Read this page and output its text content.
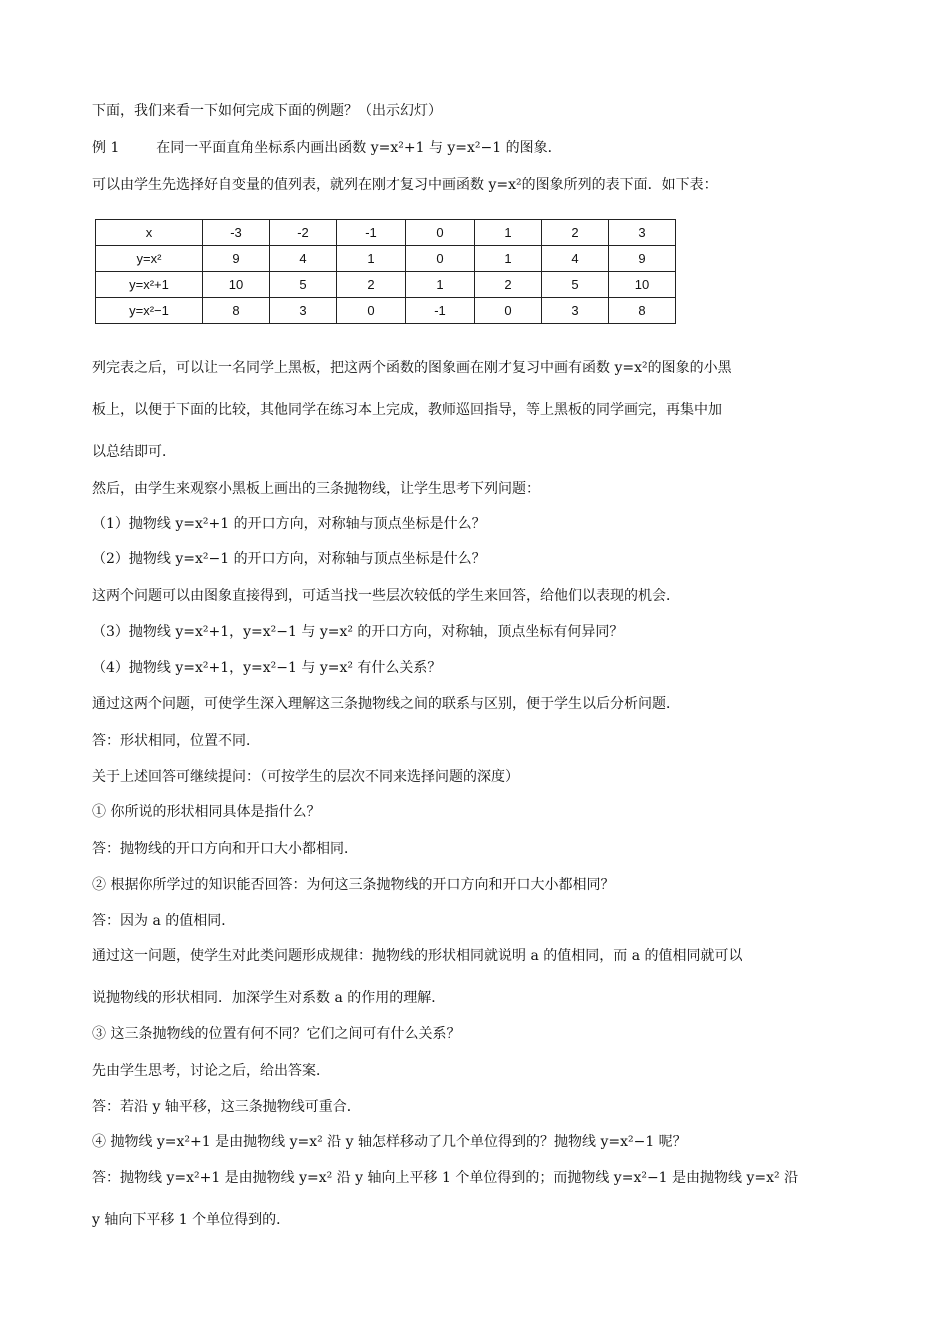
下面，我们来看一下如何完成下面的例题？（出示幻灯）
例 1	在同一平面直角坐标系内画出函数 y=x²+1 与 y=x²−1 的图象．
可以由学生先选择好自变量的值列表，就列在刚才复习中画函数 y=x²的图象所列的表下面．如下表：
x	-3	-2	-1	0	1	2	3
y=x²	9	4	1	0	1	4	9
y=x²+1	10	5	2	1	2	5	10
y=x²−1	8	3	0	-1	0	3	8
列完表之后，可以让一名同学上黑板，把这两个函数的图象画在刚才复习中画有函数 y=x²的图象的小黑
板上，以便于下面的比较，其他同学在练习本上完成，教师巡回指导，等上黑板的同学画完，再集中加
以总结即可．
然后，由学生来观察小黑板上画出的三条抛物线，让学生思考下列问题：
（1）抛物线 y=x²+1 的开口方向，对称轴与顶点坐标是什么？
（2）抛物线 y=x²−1 的开口方向，对称轴与顶点坐标是什么？
这两个问题可以由图象直接得到，可适当找一些层次较低的学生来回答，给他们以表现的机会．
（3）抛物线 y=x²+1，y=x²−1 与 y=x² 的开口方向，对称轴，顶点坐标有何异同？
（4）抛物线 y=x²+1，y=x²−1 与 y=x² 有什么关系？
通过这两个问题，可使学生深入理解这三条抛物线之间的联系与区别，便于学生以后分析问题．
答：形状相同，位置不同．
关于上述回答可继续提问：（可按学生的层次不同来选择问题的深度）
① 你所说的形状相同具体是指什么？
答：抛物线的开口方向和开口大小都相同．
② 根据你所学过的知识能否回答：为何这三条抛物线的开口方向和开口大小都相同？
答：因为 a 的值相同．
通过这一问题，使学生对此类问题形成规律：抛物线的形状相同就说明 a 的值相同，而 a 的值相同就可以
说抛物线的形状相同．加深学生对系数 a 的作用的理解．
③ 这三条抛物线的位置有何不同？它们之间可有什么关系？
先由学生思考，讨论之后，给出答案．
答：若沿 y 轴平移，这三条抛物线可重合．
④ 抛物线 y=x²+1 是由抛物线 y=x² 沿 y 轴怎样移动了几个单位得到的？抛物线 y=x²−1 呢？
答：抛物线 y=x²+1 是由抛物线 y=x² 沿 y 轴向上平移 1 个单位得到的；而抛物线 y=x²−1 是由抛物线 y=x² 沿
y 轴向下平移 1 个单位得到的．
